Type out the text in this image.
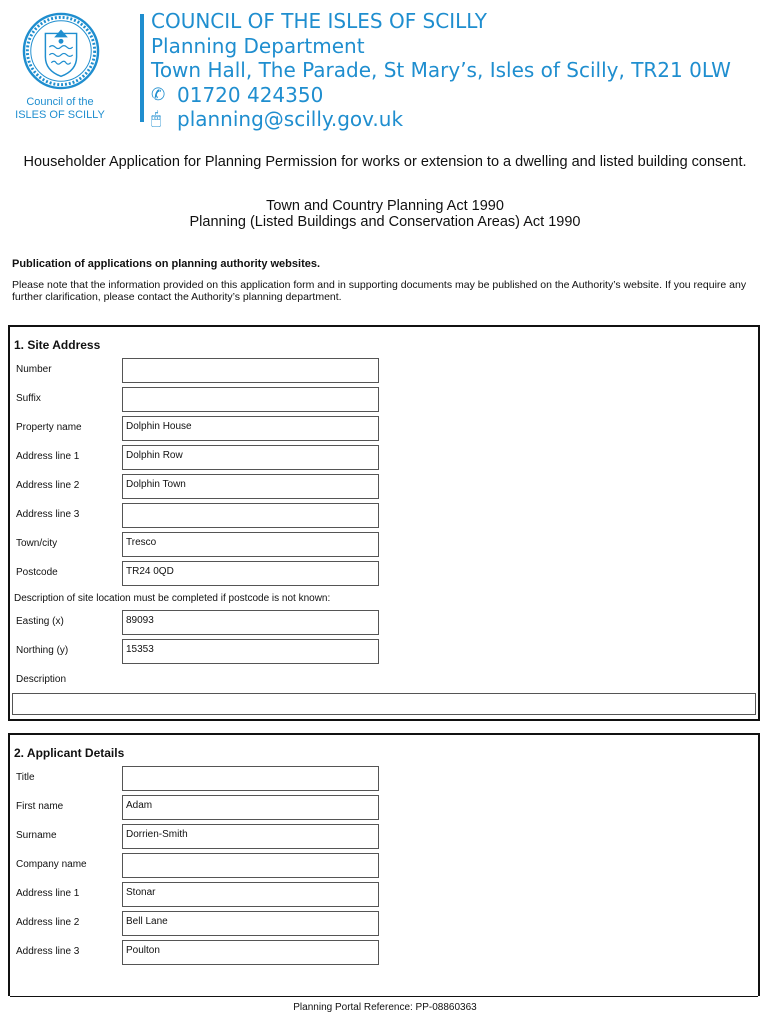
Council of the
ISLES OF SCILLY
COUNCIL OF THE ISLES OF SCILLY
Planning Department
Town Hall, The Parade, St Mary’s, Isles of Scilly, TR21 0LW
✆ 01720 424350
🖱 planning@scilly.gov.uk
Householder Application for Planning Permission for works or extension to a dwelling and listed building consent.
Town and Country Planning Act 1990
Planning (Listed Buildings and Conservation Areas) Act 1990
Publication of applications on planning authority websites.
Please note that the information provided on this application form and in supporting documents may be published on the Authority’s website. If you require any further clarification, please contact the Authority’s planning department.
1. Site Address
Number
Suffix
Property name	Dolphin House
Address line 1	Dolphin Row
Address line 2	Dolphin Town
Address line 3
Town/city	Tresco
Postcode	TR24 0QD
Description of site location must be completed if postcode is not known:
Easting (x)	89093
Northing (y)	15353
Description
2. Applicant Details
Title
First name	Adam
Surname	Dorrien-Smith
Company name
Address line 1	Stonar
Address line 2	Bell Lane
Address line 3	Poulton
Planning Portal Reference: PP-08860363
